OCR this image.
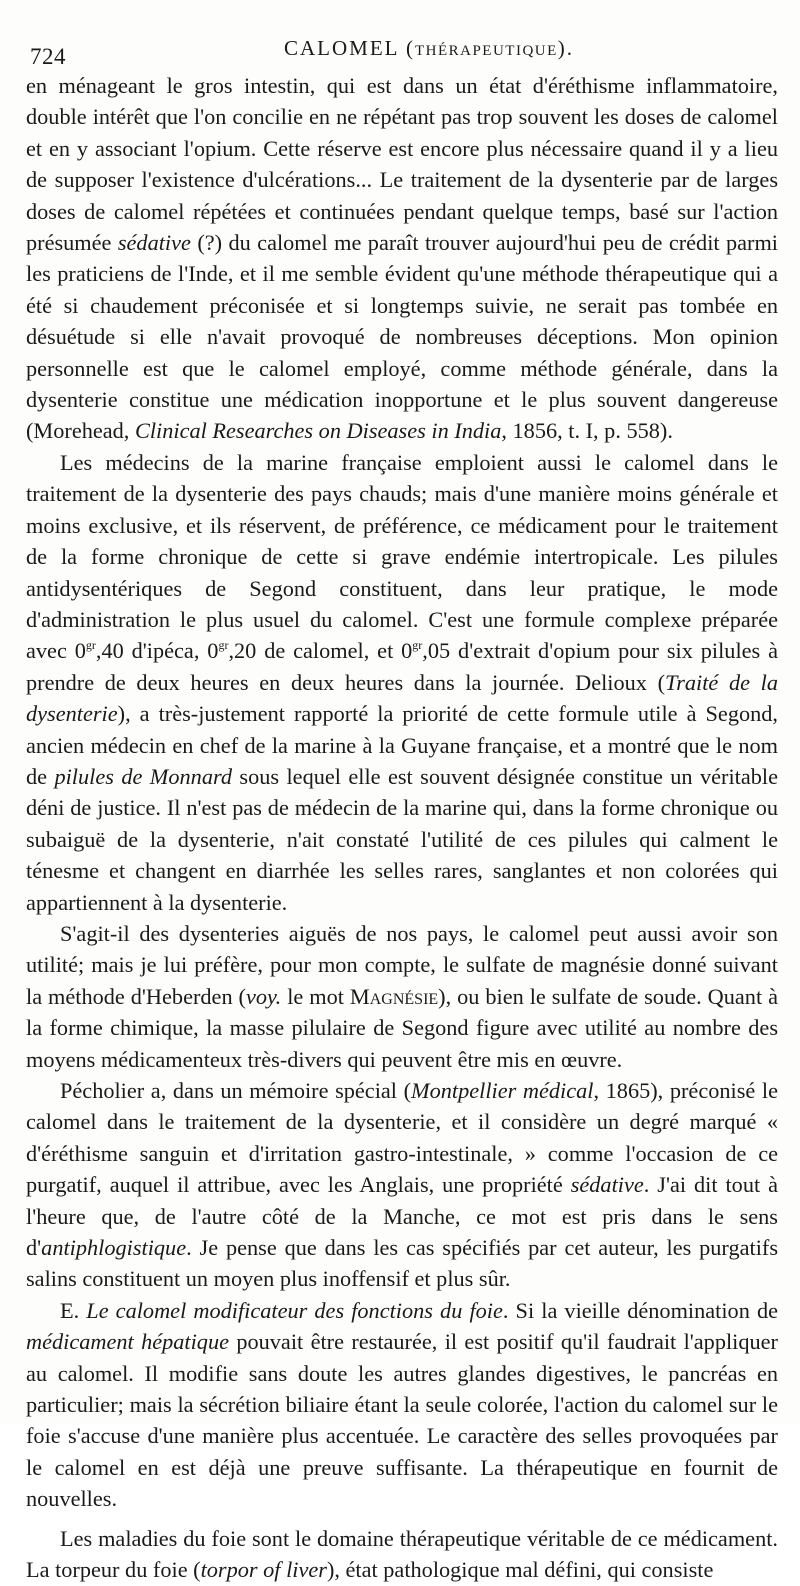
724	CALOMEL (THÉRAPEUTIQUE).

en ménageant le gros intestin, qui est dans un état d'éréthisme inflammatoire, double intérêt que l'on concilie en ne répétant pas trop souvent les doses de calomel et en y associant l'opium. Cette réserve est encore plus nécessaire quand il y a lieu de supposer l'existence d'ulcérations... Le traitement de la dysenterie par de larges doses de calomel répétées et continuées pendant quelque temps, basé sur l'action présumée sédative (?) du calomel me paraît trouver aujourd'hui peu de crédit parmi les praticiens de l'Inde, et il me semble évident qu'une méthode thérapeutique qui a été si chaudement préconisée et si longtemps suivie, ne serait pas tombée en désuétude si elle n'avait provoqué de nombreuses déceptions. Mon opinion personnelle est que le calomel employé, comme méthode générale, dans la dysenterie constitue une médication inopportune et le plus souvent dangereuse (Morehead, Clinical Researches on Diseases in India, 1856, t. I, p. 558).

Les médecins de la marine française emploient aussi le calomel dans le traitement de la dysenterie des pays chauds; mais d'une manière moins générale et moins exclusive, et ils réservent, de préférence, ce médicament pour le traitement de la forme chronique de cette si grave endémie intertropicale. Les pilules antidysentériques de Segond constituent, dans leur pratique, le mode d'administration le plus usuel du calomel. C'est une formule complexe préparée avec $0^{gr},40$ d'ipéca, $0^{gr},20$ de calomel, et $0^{gr},05$ d'extrait d'opium pour six pilules à prendre de deux heures en deux heures dans la journée. Delioux (Traité de la dysenterie), a très-justement rapporté la priorité de cette formule utile à Segond, ancien médecin en chef de la marine à la Guyane française, et a montré que le nom de pilules de Monnard sous lequel elle est souvent désignée constitue un véritable déni de justice. Il n'est pas de médecin de la marine qui, dans la forme chronique ou subaiguë de la dysenterie, n'ait constaté l'utilité de ces pilules qui calment le ténesme et changent en diarrhée les selles rares, sanglantes et non colorées qui appartiennent à la dysenterie.

S'agit-il des dysenteries aiguës de nos pays, le calomel peut aussi avoir son utilité; mais je lui préfère, pour mon compte, le sulfate de magnésie donné suivant la méthode d'Heberden (voy. le mot Magnésie), ou bien le sulfate de soude. Quant à la forme chimique, la masse pilulaire de Segond figure avec utilité au nombre des moyens médicamenteux très-divers qui peuvent être mis en œuvre.

Pécholier a, dans un mémoire spécial (Montpellier médical, 1865), préconisé le calomel dans le traitement de la dysenterie, et il considère un degré marqué « d'éréthisme sanguin et d'irritation gastro-intestinale, » comme l'occasion de ce purgatif, auquel il attribue, avec les Anglais, une propriété sédative. J'ai dit tout à l'heure que, de l'autre côté de la Manche, ce mot est pris dans le sens d'antiphlogistique. Je pense que dans les cas spécifiés par cet auteur, les purgatifs salins constituent un moyen plus inoffensif et plus sûr.

E. Le calomel modificateur des fonctions du foie. Si la vieille dénomination de médicament hépatique pouvait être restaurée, il est positif qu'il faudrait l'appliquer au calomel. Il modifie sans doute les autres glandes digestives, le pancréas en particulier; mais la sécrétion biliaire étant la seule colorée, l'action du calomel sur le foie s'accuse d'une manière plus accentuée. Le caractère des selles provoquées par le calomel en est déjà une preuve suffisante. La thérapeutique en fournit de nouvelles.

Les maladies du foie sont le domaine thérapeutique véritable de ce médicament. La torpeur du foie (torpor of liver), état pathologique mal défini, qui consiste
